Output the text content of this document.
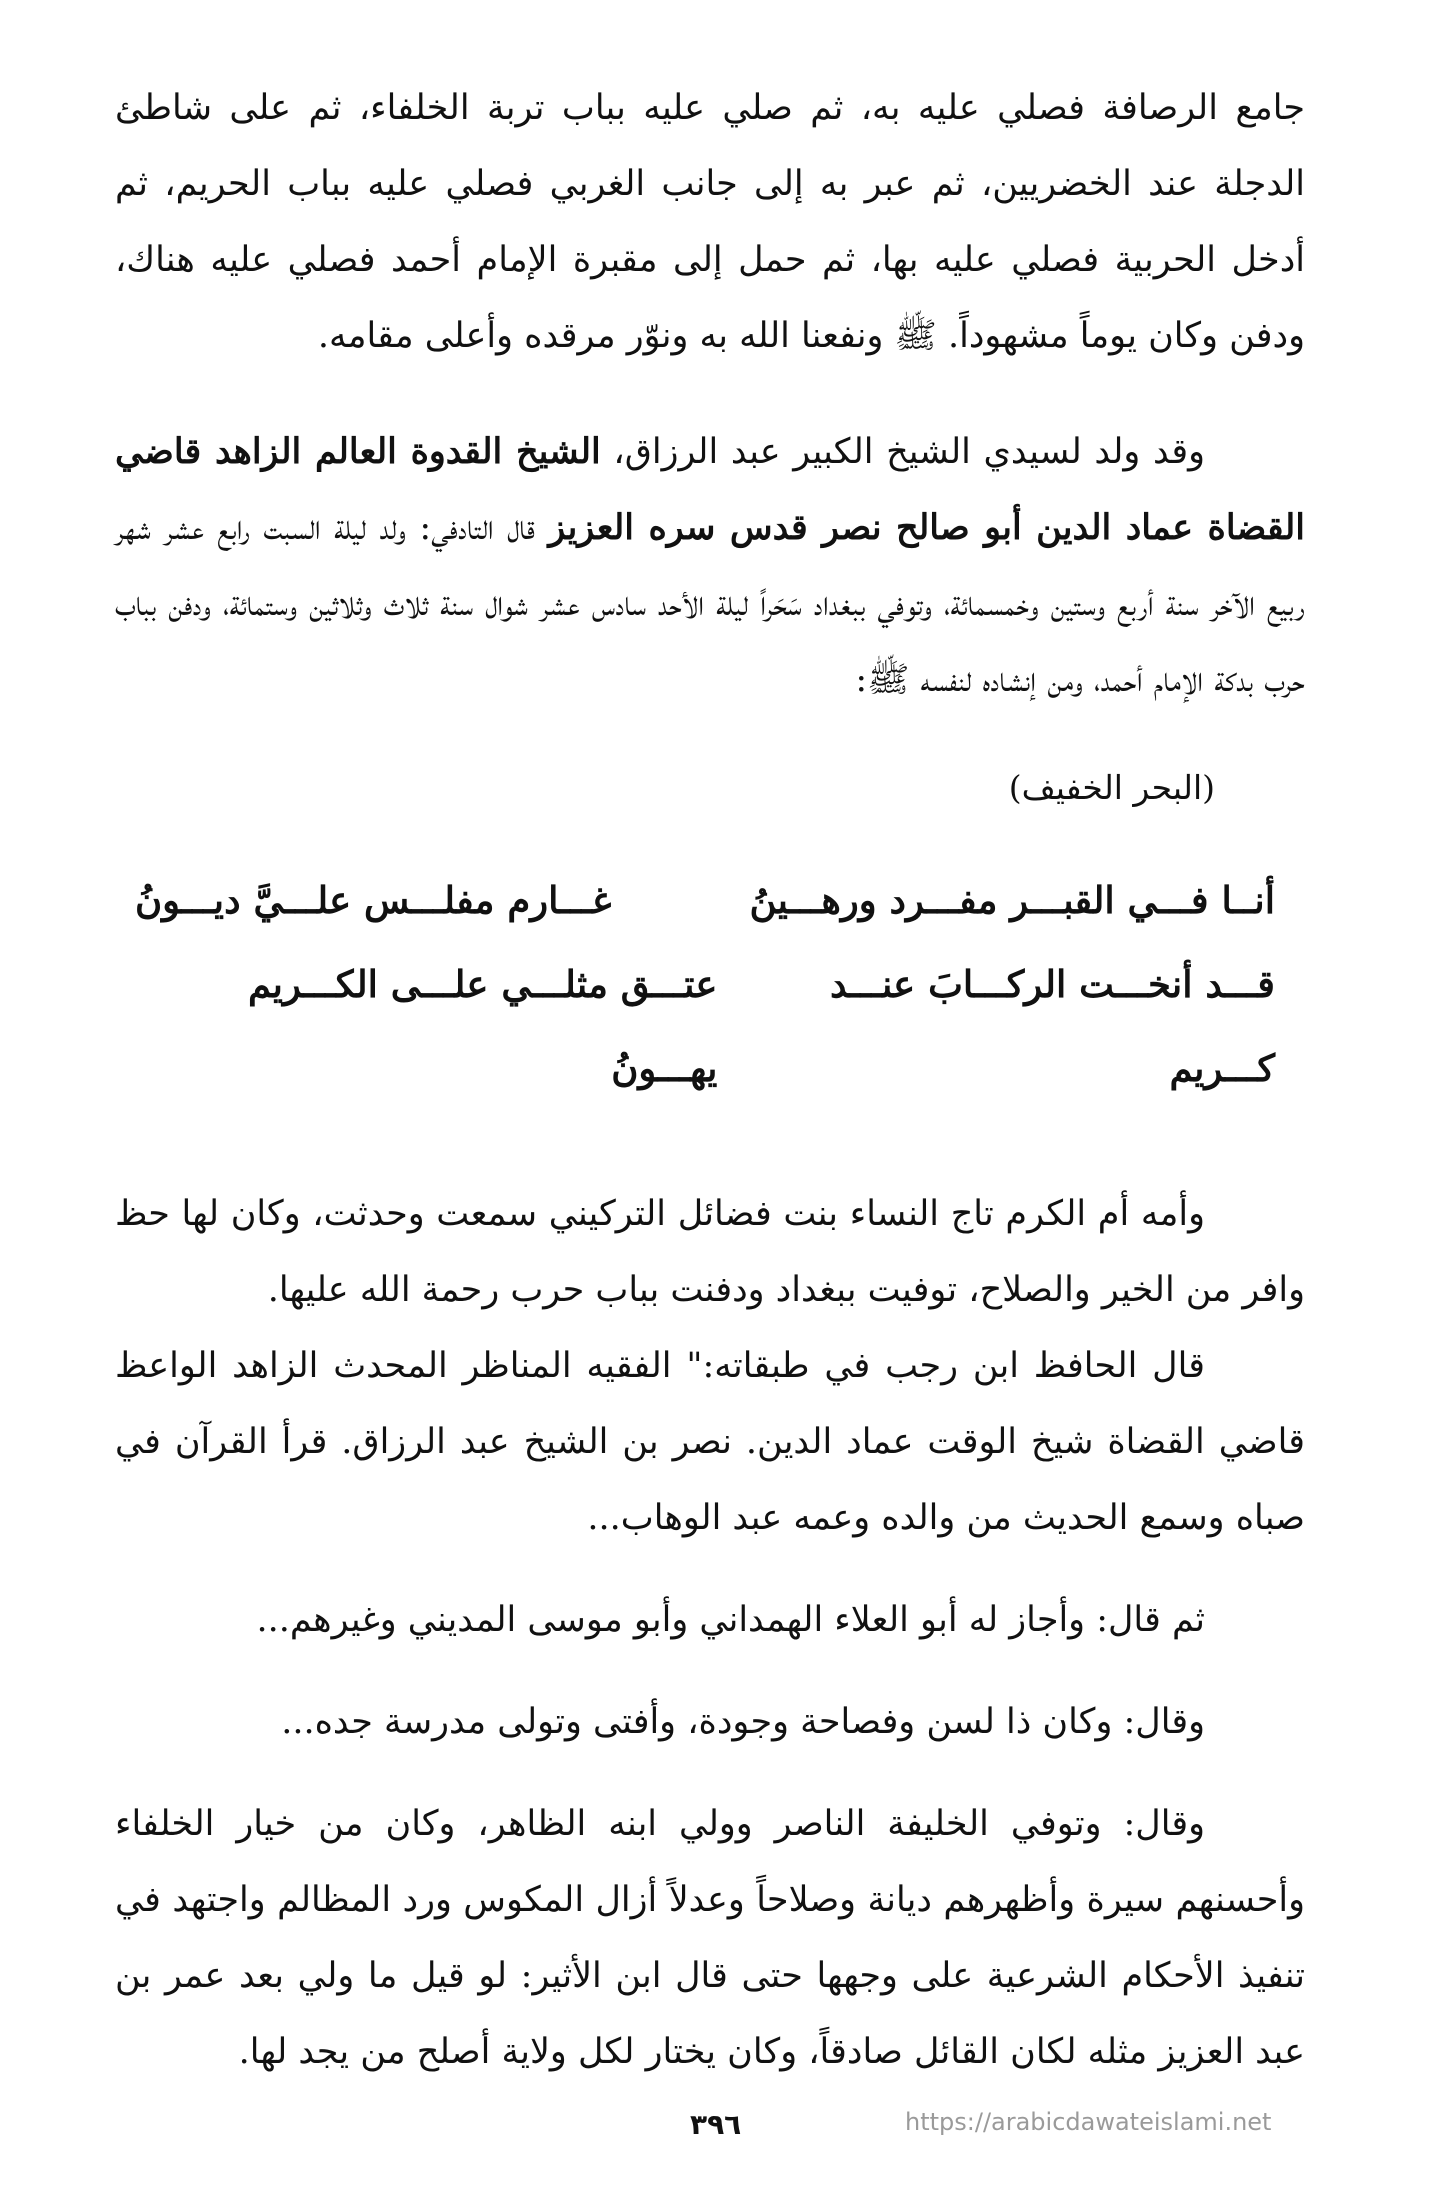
جامع الرصافة فصلي عليه به، ثم صلي عليه بباب تربة الخلفاء، ثم على شاطئ الدجلة عند الخضريين، ثم عبر به إلى جانب الغربي فصلي عليه بباب الحريم، ثم أدخل الحربية فصلي عليه بها، ثم حمل إلى مقبرة الإمام أحمد فصلي عليه هناك، ودفن وكان يوماً مشهوداً. ﷺ ونفعنا الله به ونوّر مرقده وأعلى مقامه.

وقد ولد لسيدي الشيخ الكبير عبد الرزاق، الشيخ القدوة العالم الزاهد قاضي القضاة عماد الدين أبو صالح نصر قدس سره العزيز قال التادفي: ولد ليلة السبت رابع عشر شهر ربيع الآخر سنة أربع وستين وخمسمائة، وتوفي ببغداد سَحَراً ليلة الأحد سادس عشر شوال سنة ثلاث وثلاثين وستمائة، ودفن بباب حرب بدكة الإمام أحمد، ومن إنشاده لنفسه ﷺ:

(البحر الخفيف)

أنــا فـــي القبـــر مفـــرد ورهـــينُ
غـــارم مفلـــس علـــيَّ ديـــونُ
قـــد أنخـــت الركـــابَ عنـــد كـــريم
عتـــق مثلـــي علـــى الكـــريم يهـــونُ

وأمه أم الكرم تاج النساء بنت فضائل التركيني سمعت وحدثت، وكان لها حظ وافر من الخير والصلاح، توفيت ببغداد ودفنت بباب حرب رحمة الله عليها.

قال الحافظ ابن رجب في طبقاته:" الفقيه المناظر المحدث الزاهد الواعظ قاضي القضاة شيخ الوقت عماد الدين. نصر بن الشيخ عبد الرزاق. قرأ القرآن في صباه وسمع الحديث من والده وعمه عبد الوهاب...

ثم قال: وأجاز له أبو العلاء الهمداني وأبو موسى المديني وغيرهم...

وقال: وكان ذا لسن وفصاحة وجودة، وأفتى وتولى مدرسة جده...

وقال: وتوفي الخليفة الناصر وولي ابنه الظاهر، وكان من خيار الخلفاء وأحسنهم سيرة وأظهرهم ديانة وصلاحاً وعدلاً أزال المكوس ورد المظالم واجتهد في تنفيذ الأحكام الشرعية على وجهها حتى قال ابن الأثير: لو قيل ما ولي بعد عمر بن عبد العزيز مثله لكان القائل صادقاً، وكان يختار لكل ولاية أصلح من يجد لها.

٣٩٦	https://arabicdawateislami.net
